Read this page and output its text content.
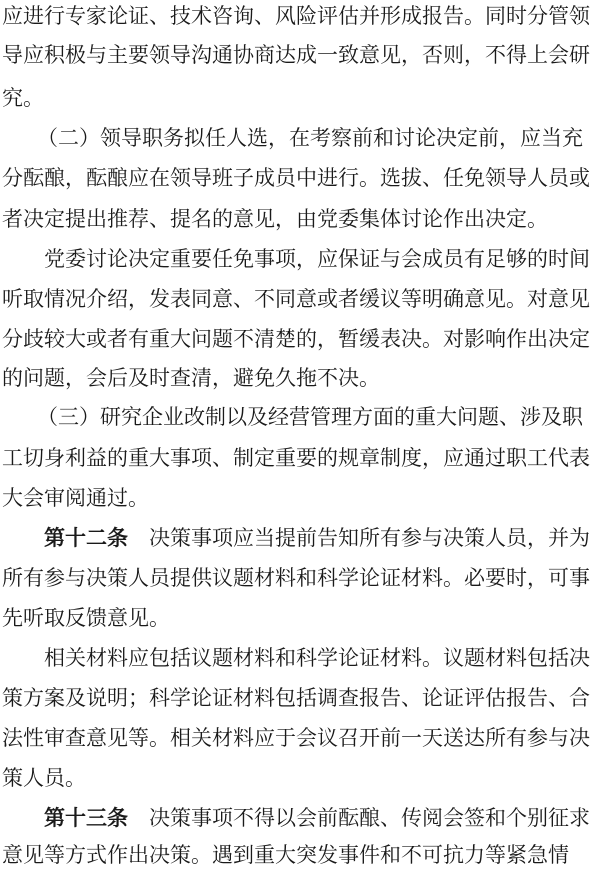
应进行专家论证、技术咨询、风险评估并形成报告。同时分管领
导应积极与主要领导沟通协商达成一致意见，否则，不得上会研
究。
（二）领导职务拟任人选，在考察前和讨论决定前，应当充
分酝酿，酝酿应在领导班子成员中进行。选拔、任免领导人员或
者决定提出推荐、提名的意见，由党委集体讨论作出决定。
党委讨论决定重要任免事项，应保证与会成员有足够的时间
听取情况介绍，发表同意、不同意或者缓议等明确意见。对意见
分歧较大或者有重大问题不清楚的，暂缓表决。对影响作出决定
的问题，会后及时查清，避免久拖不决。
（三）研究企业改制以及经营管理方面的重大问题、涉及职
工切身利益的重大事项、制定重要的规章制度，应通过职工代表
大会审阅通过。
第十二条 决策事项应当提前告知所有参与决策人员，并为
所有参与决策人员提供议题材料和科学论证材料。必要时，可事
先听取反馈意见。
相关材料应包括议题材料和科学论证材料。议题材料包括决
策方案及说明；科学论证材料包括调查报告、论证评估报告、合
法性审查意见等。相关材料应于会议召开前一天送达所有参与决
策人员。
第十三条 决策事项不得以会前酝酿、传阅会签和个别征求
意见等方式作出决策。遇到重大突发事件和不可抗力等紧急情
